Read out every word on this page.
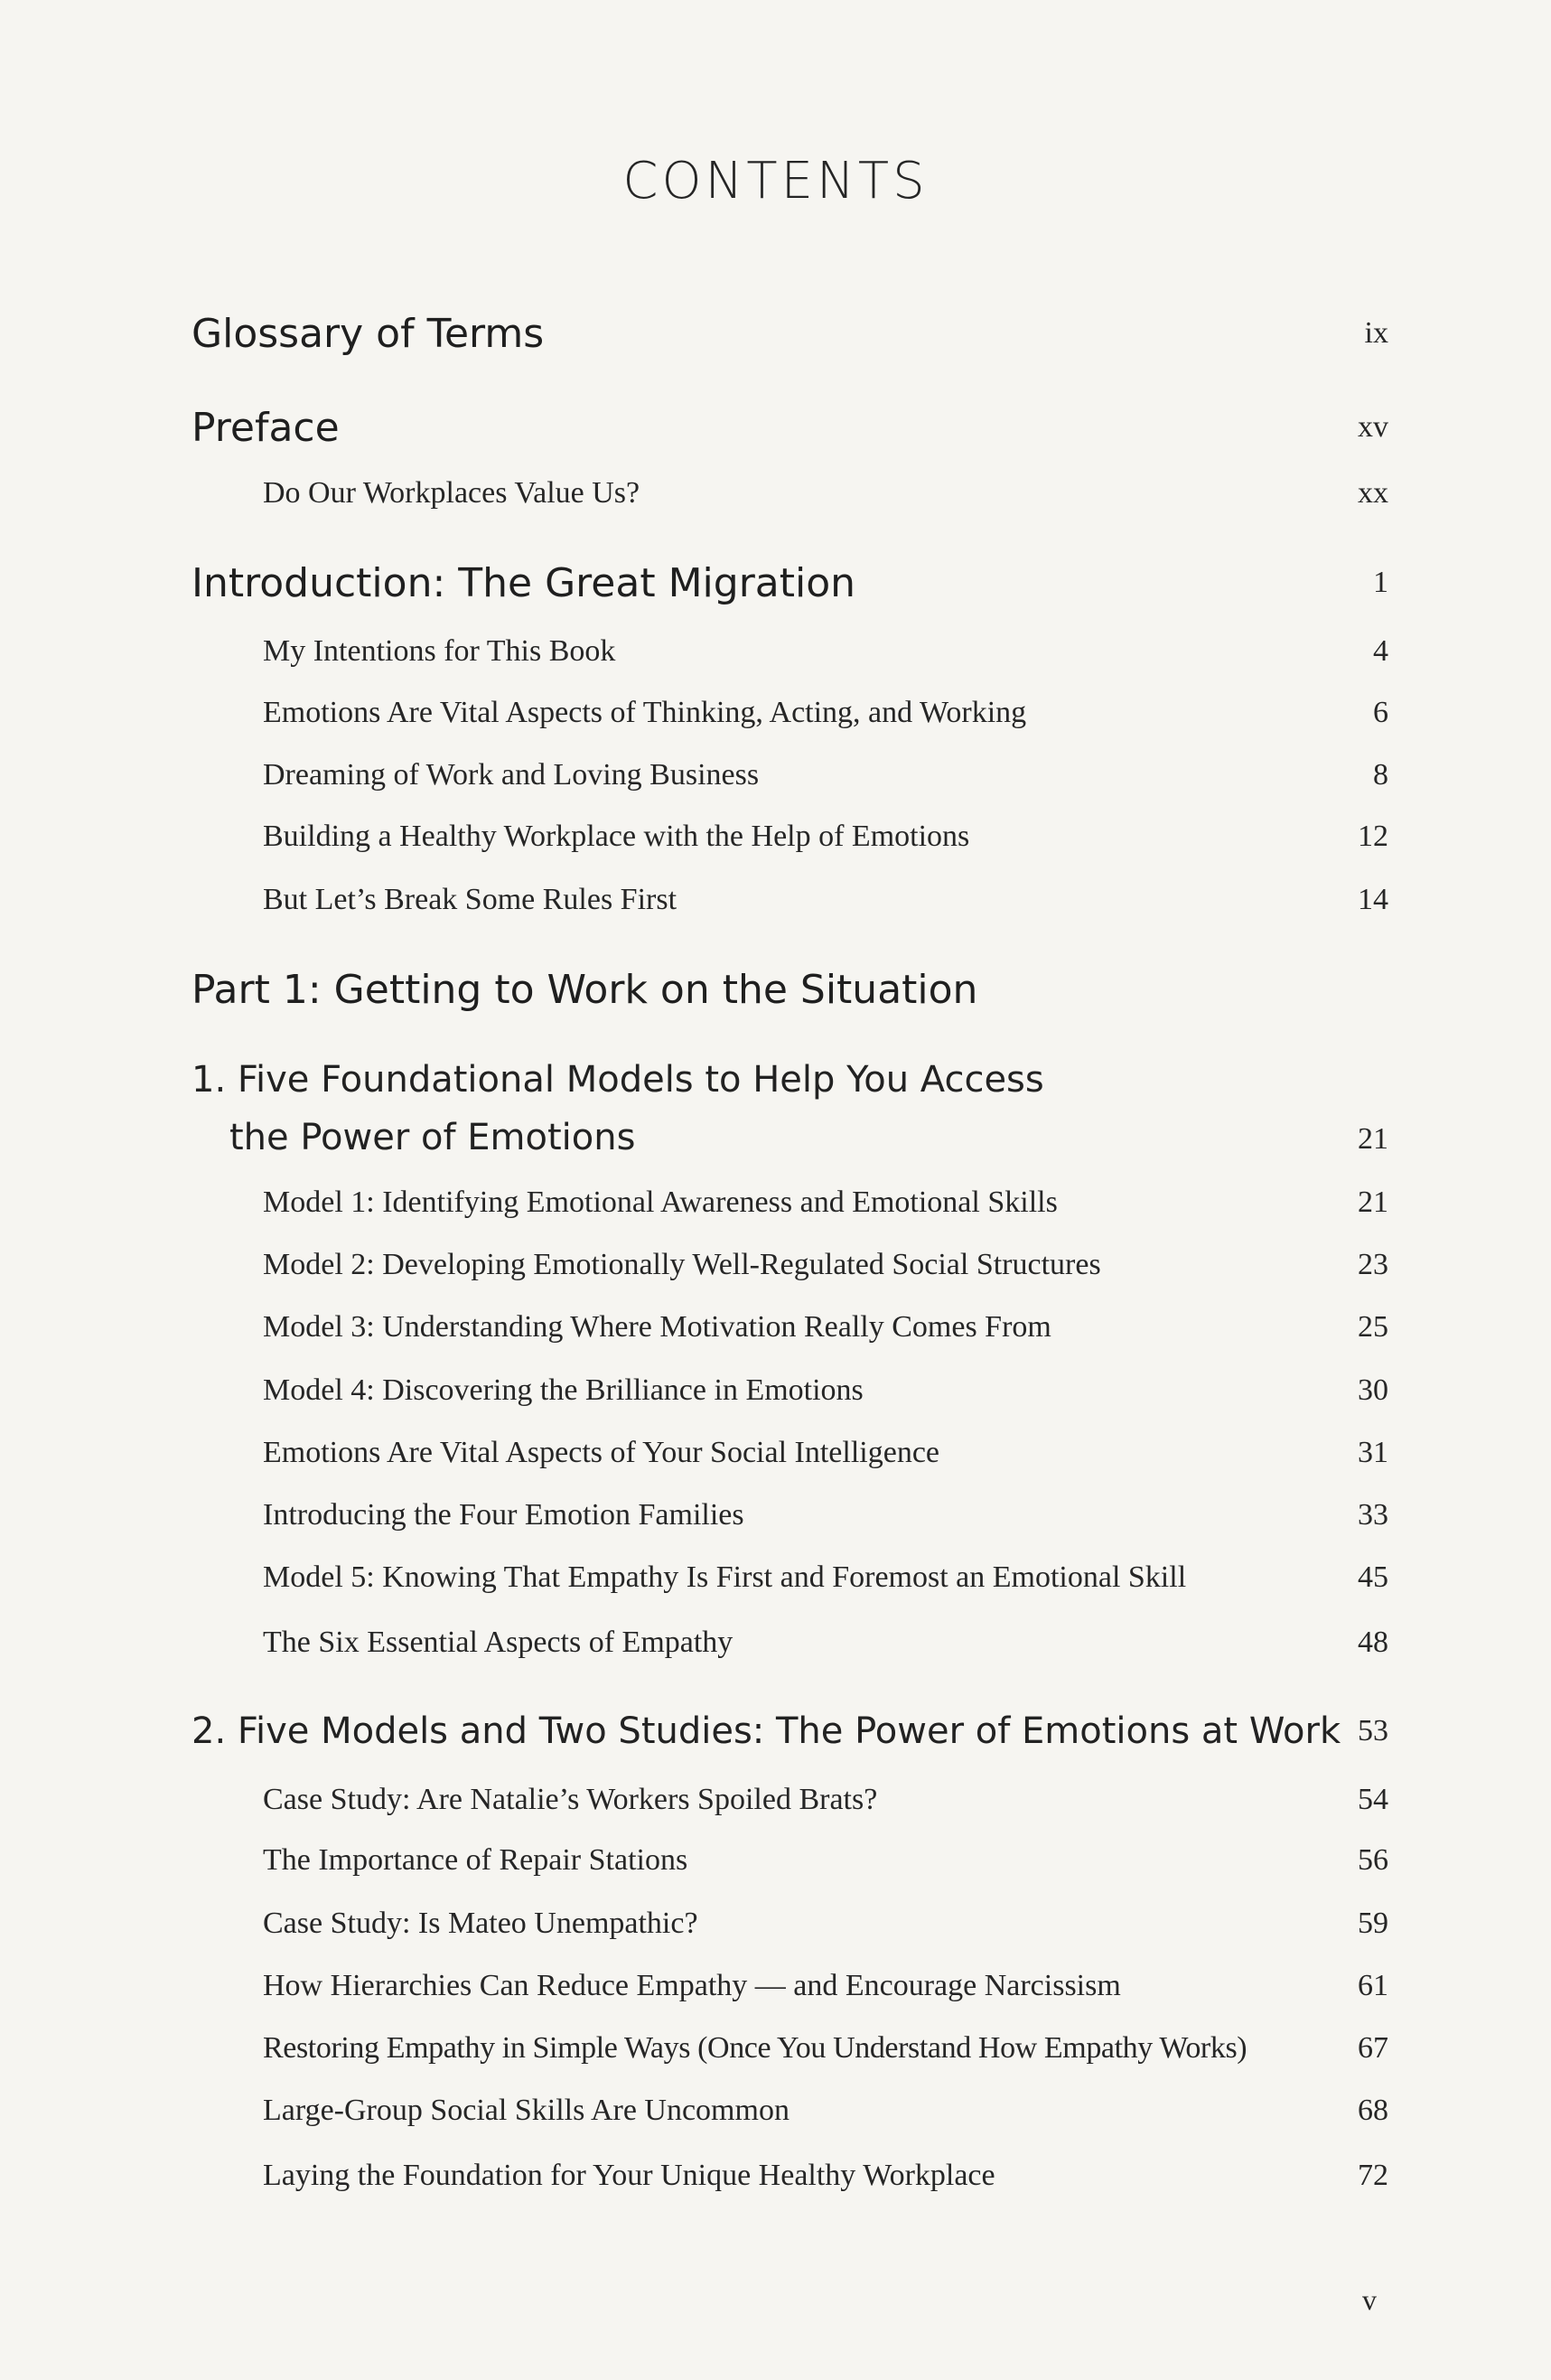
CONTENTS
Glossary of Terms	ix
Preface	xv
Do Our Workplaces Value Us?	xx
Introduction: The Great Migration	1
My Intentions for This Book	4
Emotions Are Vital Aspects of Thinking, Acting, and Working	6
Dreaming of Work and Loving Business	8
Building a Healthy Workplace with the Help of Emotions	12
But Let’s Break Some Rules First	14
Part 1: Getting to Work on the Situation
1. Five Foundational Models to Help You Access
the Power of Emotions	21
Model 1: Identifying Emotional Awareness and Emotional Skills	21
Model 2: Developing Emotionally Well-Regulated Social Structures	23
Model 3: Understanding Where Motivation Really Comes From	25
Model 4: Discovering the Brilliance in Emotions	30
Emotions Are Vital Aspects of Your Social Intelligence	31
Introducing the Four Emotion Families	33
Model 5: Knowing That Empathy Is First and Foremost an Emotional Skill	45
The Six Essential Aspects of Empathy	48
2. Five Models and Two Studies: The Power of Emotions at Work 53
Case Study: Are Natalie’s Workers Spoiled Brats?	54
The Importance of Repair Stations	56
Case Study: Is Mateo Unempathic?	59
How Hierarchies Can Reduce Empathy — and Encourage Narcissism	61
Restoring Empathy in Simple Ways (Once You Understand How Empathy Works)	67
Large-Group Social Skills Are Uncommon	68
Laying the Foundation for Your Unique Healthy Workplace	72
v
